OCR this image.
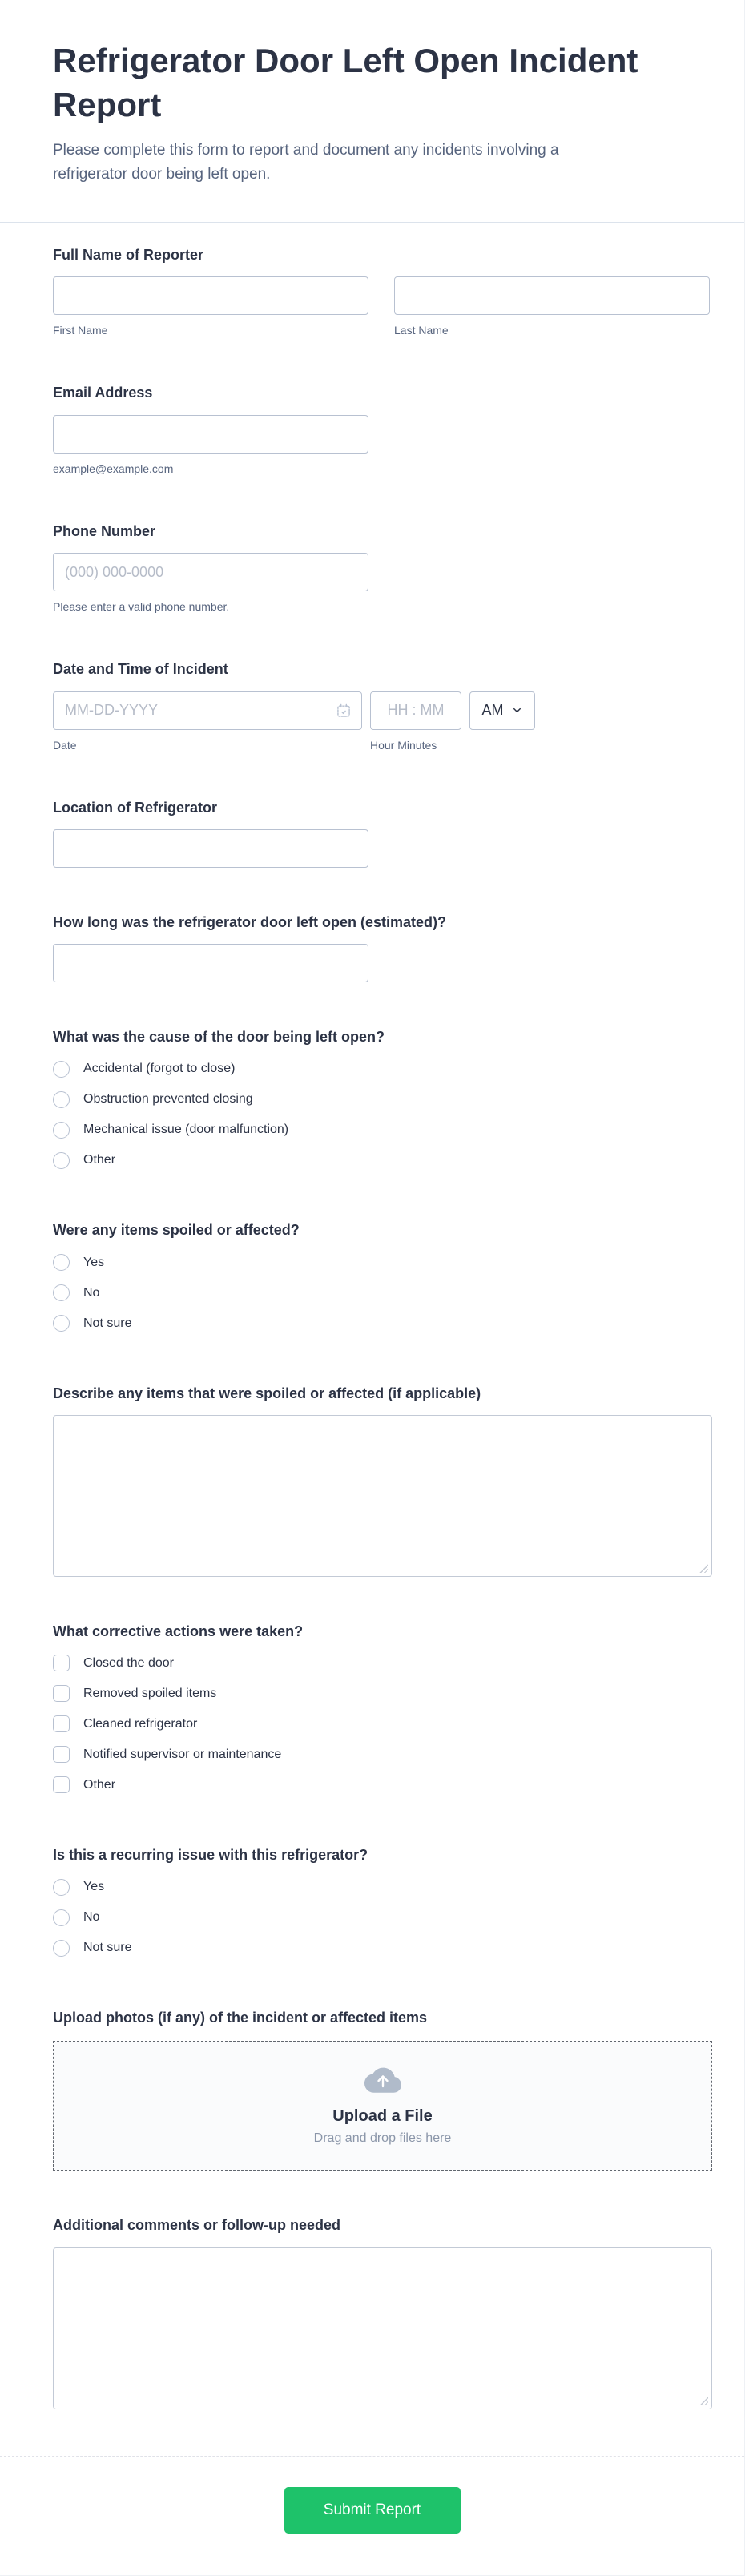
Refrigerator Door Left Open Incident Report

Please complete this form to report and document any incidents involving a refrigerator door being left open.

Full Name of Reporter
First Name	Last Name
Email Address
example@example.com
Phone Number
(000) 000-0000
Please enter a valid phone number.
Date and Time of Incident
MM-DD-YYYY
HH : MM
AM
Date	Hour Minutes
Location of Refrigerator
How long was the refrigerator door left open (estimated)?
What was the cause of the door being left open?
Accidental (forgot to close)
Obstruction prevented closing
Mechanical issue (door malfunction)
Other
Were any items spoiled or affected?
Yes
No
Not sure
Describe any items that were spoiled or affected (if applicable)
What corrective actions were taken?
Closed the door
Removed spoiled items
Cleaned refrigerator
Notified supervisor or maintenance
Other
Is this a recurring issue with this refrigerator?
Yes
No
Not sure
Upload photos (if any) of the incident or affected items
Upload a File
Drag and drop files here
Additional comments or follow-up needed
Submit Report
